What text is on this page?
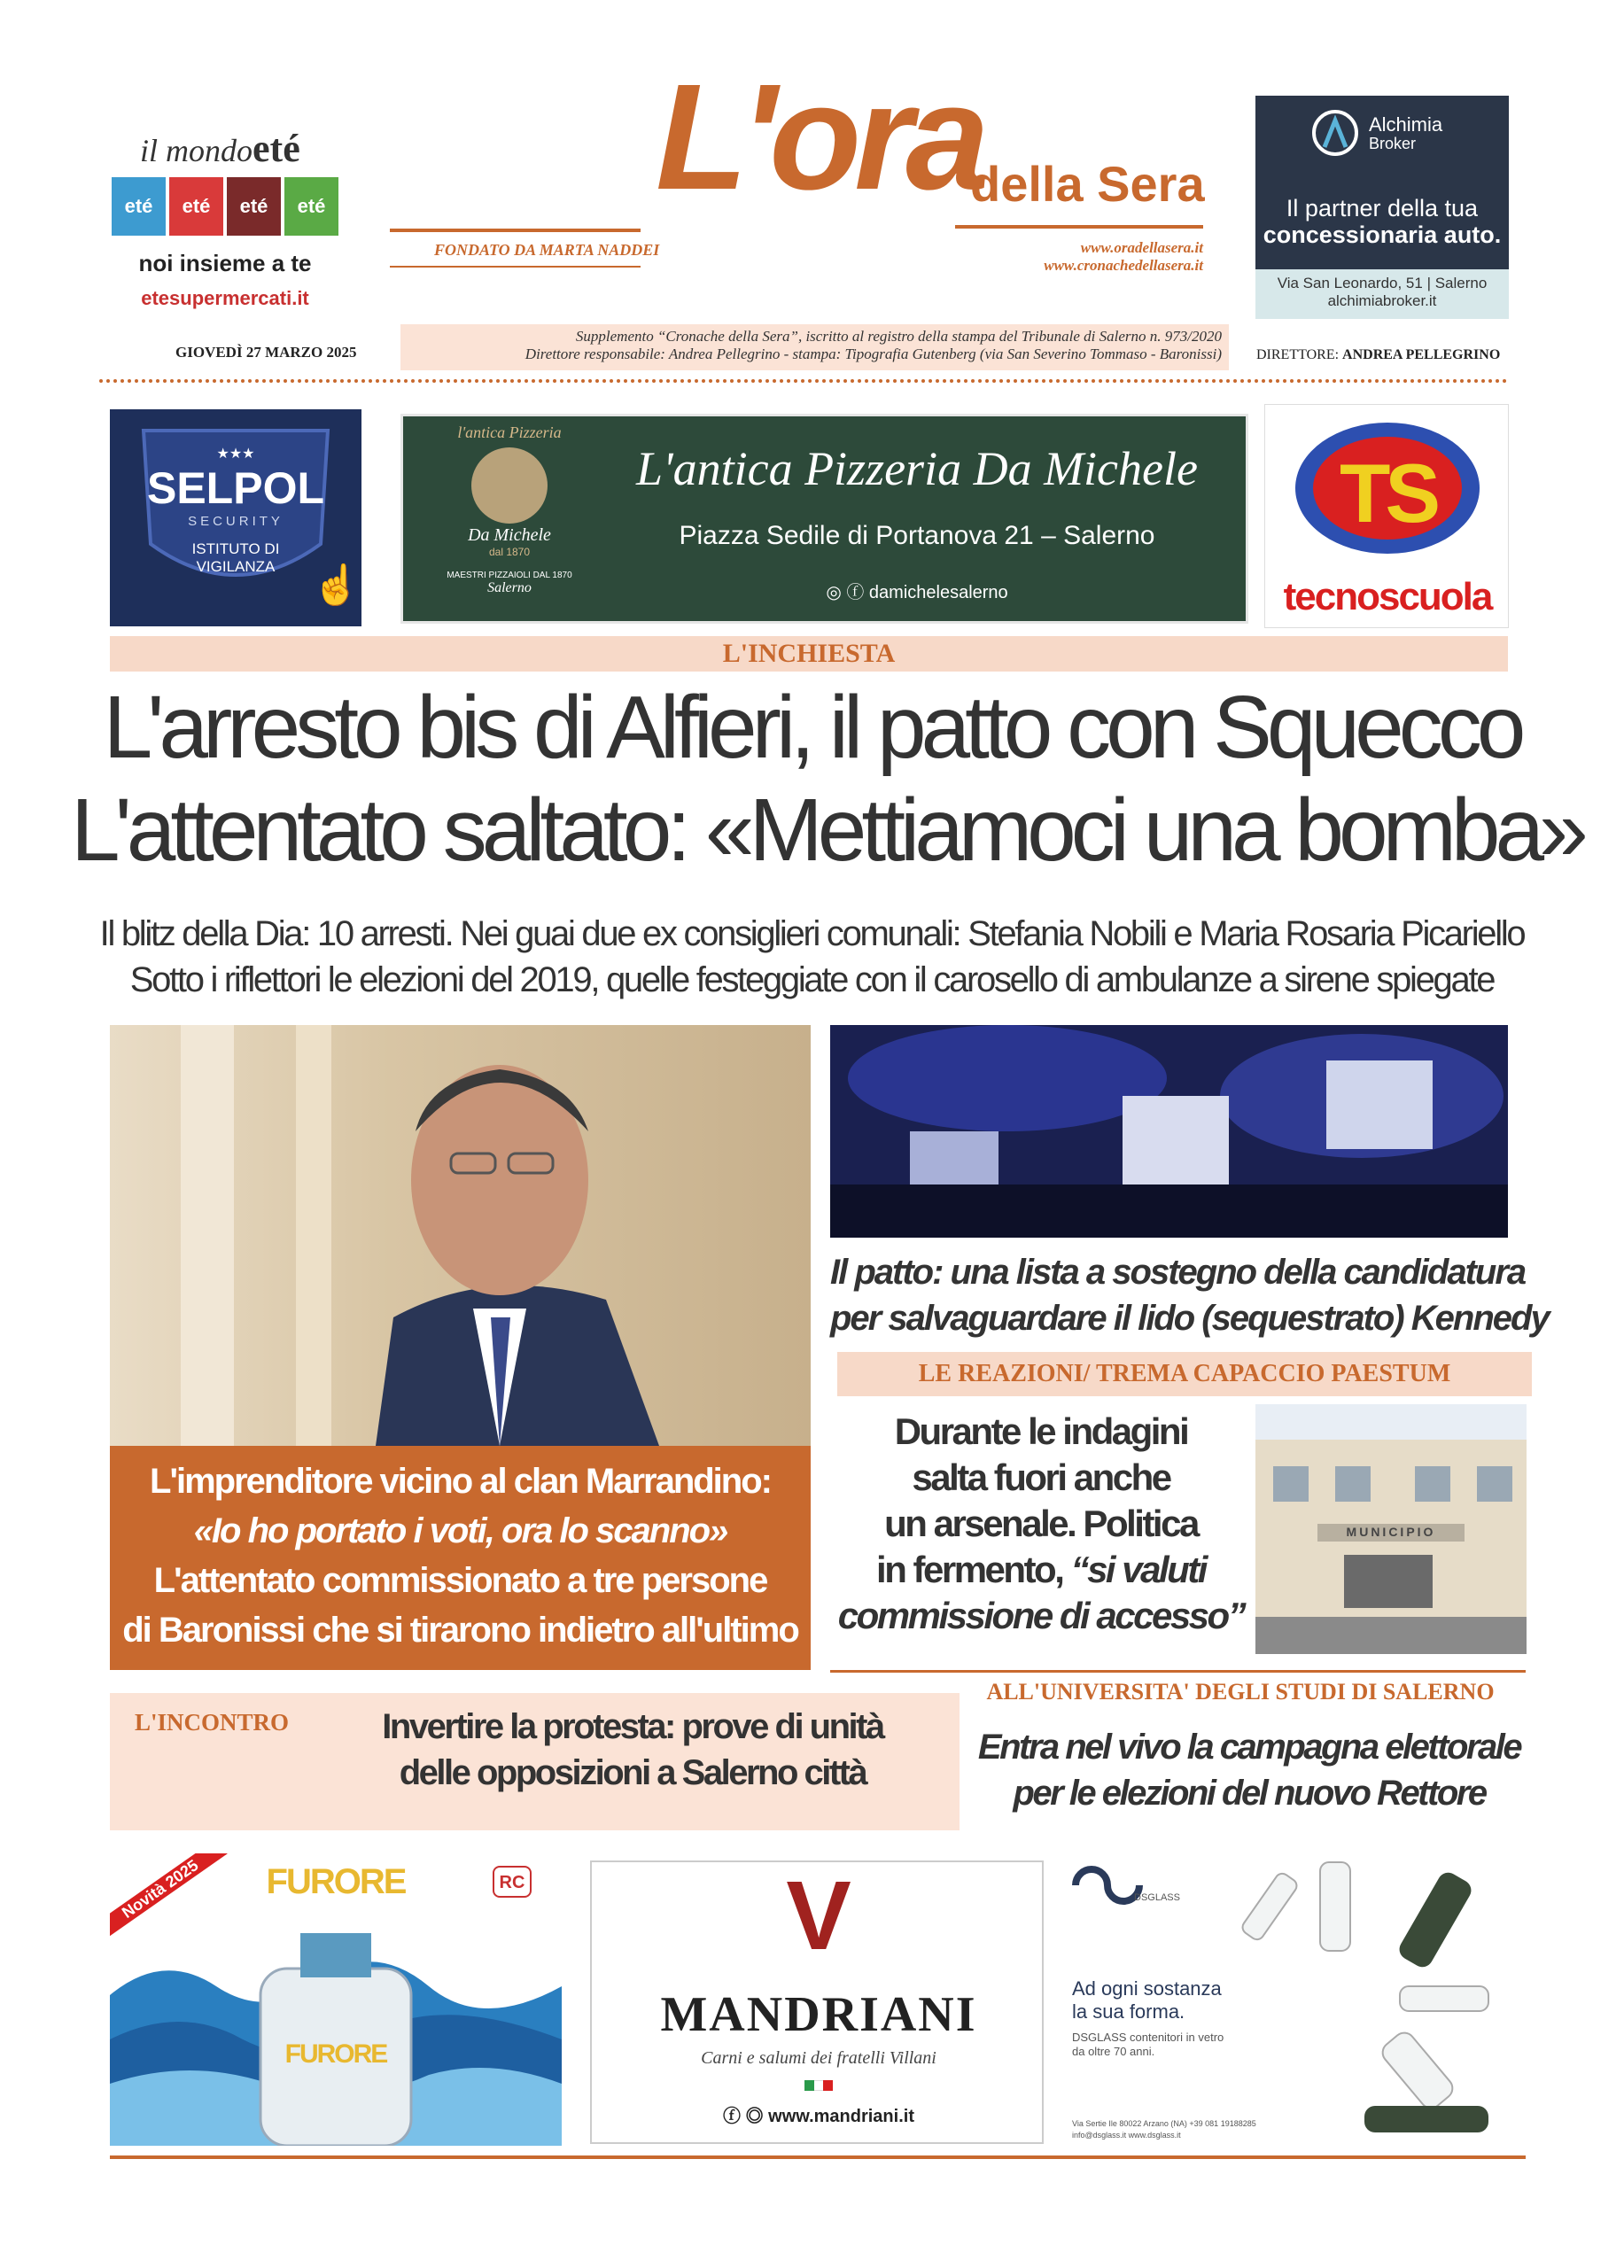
il mondoeté
eté	eté	eté	eté
noi insieme a te
etesupermercati.it
L'ora
della Sera
FONDATO DA MARTA NADDEI	www.oradellasera.it
www.cronachedellasera.it
Alchimia
Broker
Il partner della tua
concessionaria auto.
Via San Leonardo, 51 | Salerno
alchimiabroker.it
GIOVEDÌ 27 MARZO 2025
Supplemento “Cronache della Sera”, iscritto al registro della stampa del Tribunale di Salerno n. 973/2020
Direttore responsabile: Andrea Pellegrino - stampa: Tipografia Gutenberg (via San Severino Tommaso - Baronissi)	DIRETTORE: ANDREA PELLEGRINO
★★★
SELPOL
SECURITY
ISTITUTO DI
VIGILANZA ☝
l'antica Pizzeria
Da Michele
dal 1870
MAESTRI PIZZAIOLI DAL 1870
Salerno
L'antica Pizzeria Da Michele
Piazza Sedile di Portanova 21 – Salerno
◎ ⓕ damichelesalerno
TS
tecnoscuola
L'INCHIESTA
L'arresto bis di Alfieri, il patto con Squecco
L'attentato saltato: «Mettiamoci una bomba»
Il blitz della Dia: 10 arresti. Nei guai due ex consiglieri comunali: Stefania Nobili e Maria Rosaria Picariello
Sotto i riflettori le elezioni del 2019, quelle festeggiate con il carosello di ambulanze a sirene spiegate
L'imprenditore vicino al clan Marrandino:
«Io ho portato i voti, ora lo scanno»
L'attentato commissionato a tre persone
di Baronissi che si tirarono indietro all'ultimo
Il patto: una lista a sostegno della candidatura
per salvaguardare il lido (sequestrato) Kennedy
LE REAZIONI/ TREMA CAPACCIO PAESTUM
Durante le indagini
salta fuori anche
un arsenale. Politica
in fermento, “si valuti
commissione di accesso”
MUNICIPIO
L'INCONTRO	Invertire la protesta: prove di unità
delle opposizioni a Salerno città
ALL'UNIVERSITA' DEGLI STUDI DI SALERNO
Entra nel vivo la campagna elettorale
per le elezioni del nuovo Rettore
Novità 2025	FURORE
FURORE
RC	V
MANDRIANI
Carni e salumi dei fratelli Villani
ⓕ ◎ www.mandriani.it
DSGLASS
Ad ogni sostanza
la sua forma.
DSGLASS contenitori in vetro
da oltre 70 anni.
Via Sertie Ile 80022 Arzano (NA) +39 081 19188285
info@dsglass.it www.dsglass.it
